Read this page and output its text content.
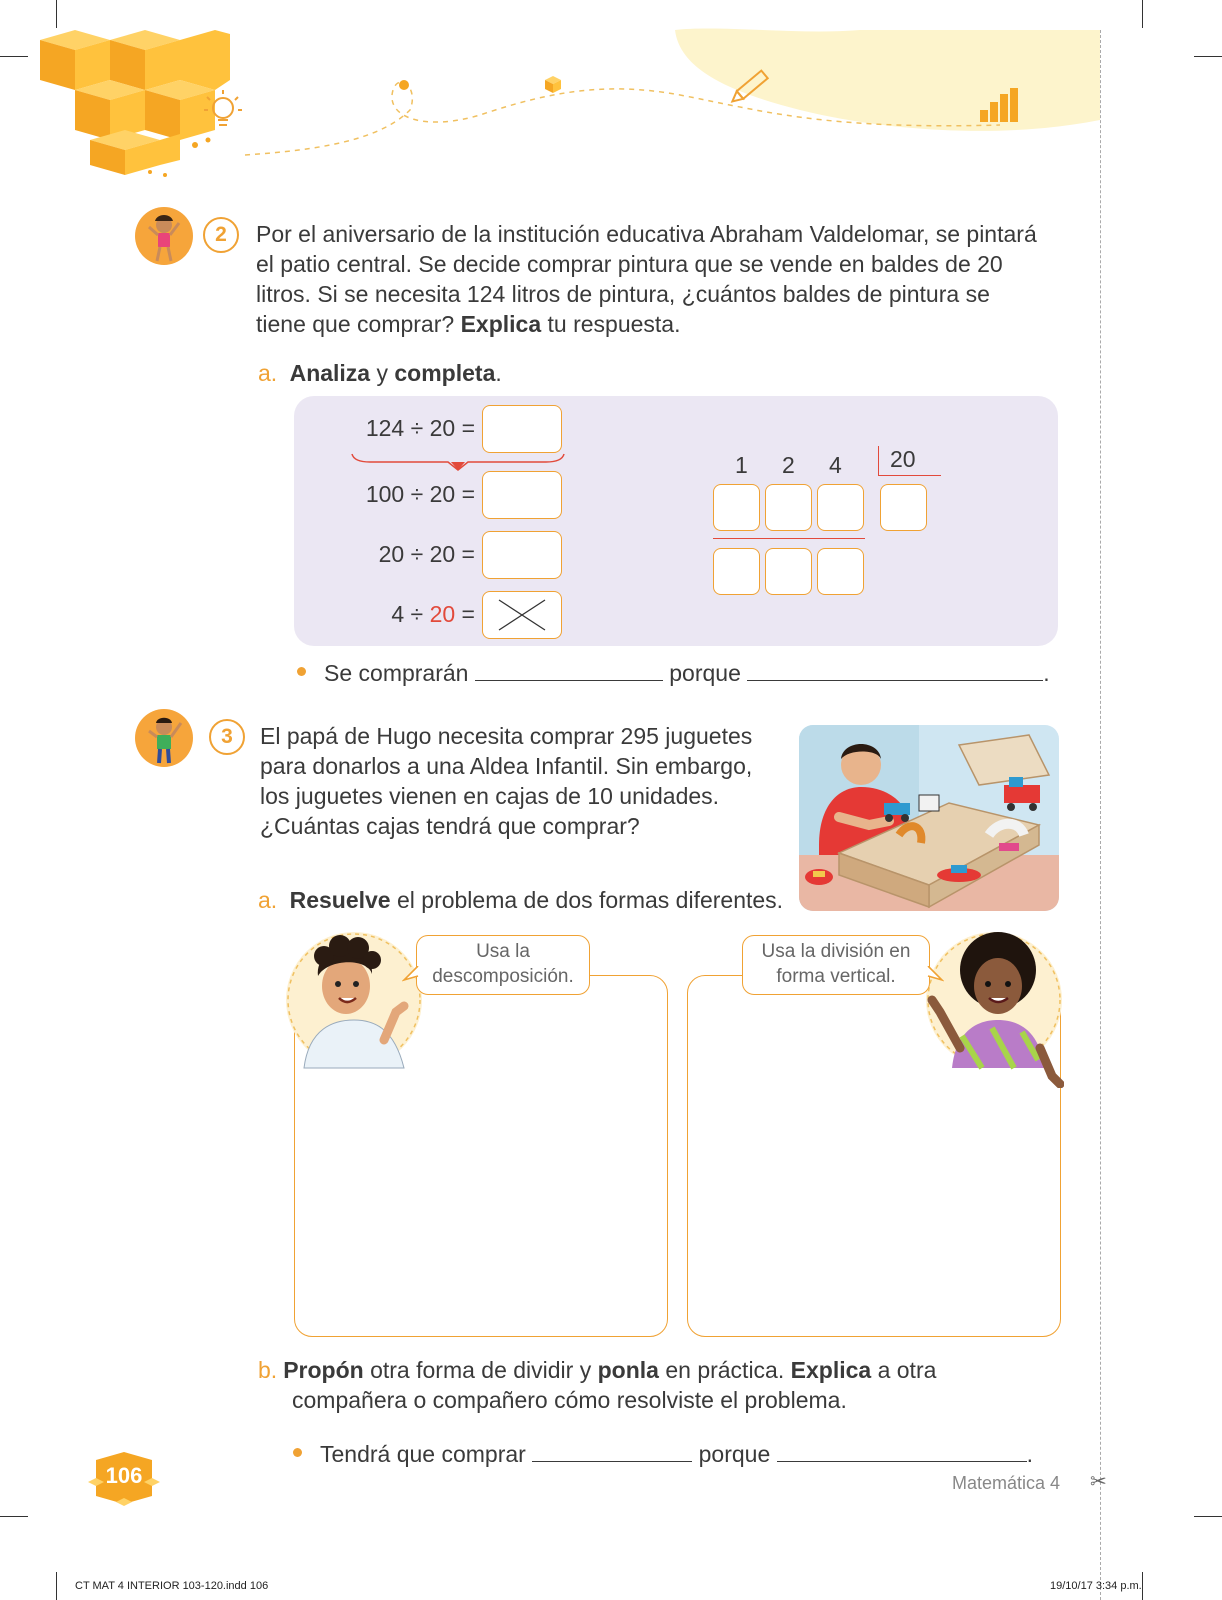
2	Por el aniversario de la institución educativa Abraham Valdelomar, se pintará
el patio central. Se decide comprar pintura que se vende en baldes de 20
litros. Si se necesita 124 litros de pintura, ¿cuántos baldes de pintura se
tiene que comprar? Explica tu respuesta.
a. Analiza y completa.
124 ÷ 20 =
100 ÷ 20 =
20 ÷ 20 =
4 ÷ 20 =
1 2 4 20
Se comprarán	porque	.
3	El papá de Hugo necesita comprar 295 juguetes
para donarlos a una Aldea Infantil. Sin embargo,
los juguetes vienen en cajas de 10 unidades.
¿Cuántas cajas tendrá que comprar?
a. Resuelve el problema de dos formas diferentes.
Usa la
descomposición.
Usa la división en
forma vertical.
b. Propón otra forma de dividir y ponla en práctica. Explica a otra
compañera o compañero cómo resolviste el problema.
Tendrá que comprar	porque	.
106	Matemática 4 ✂
CT MAT 4 INTERIOR 103-120.indd 106	19/10/17 3:34 p.m.
